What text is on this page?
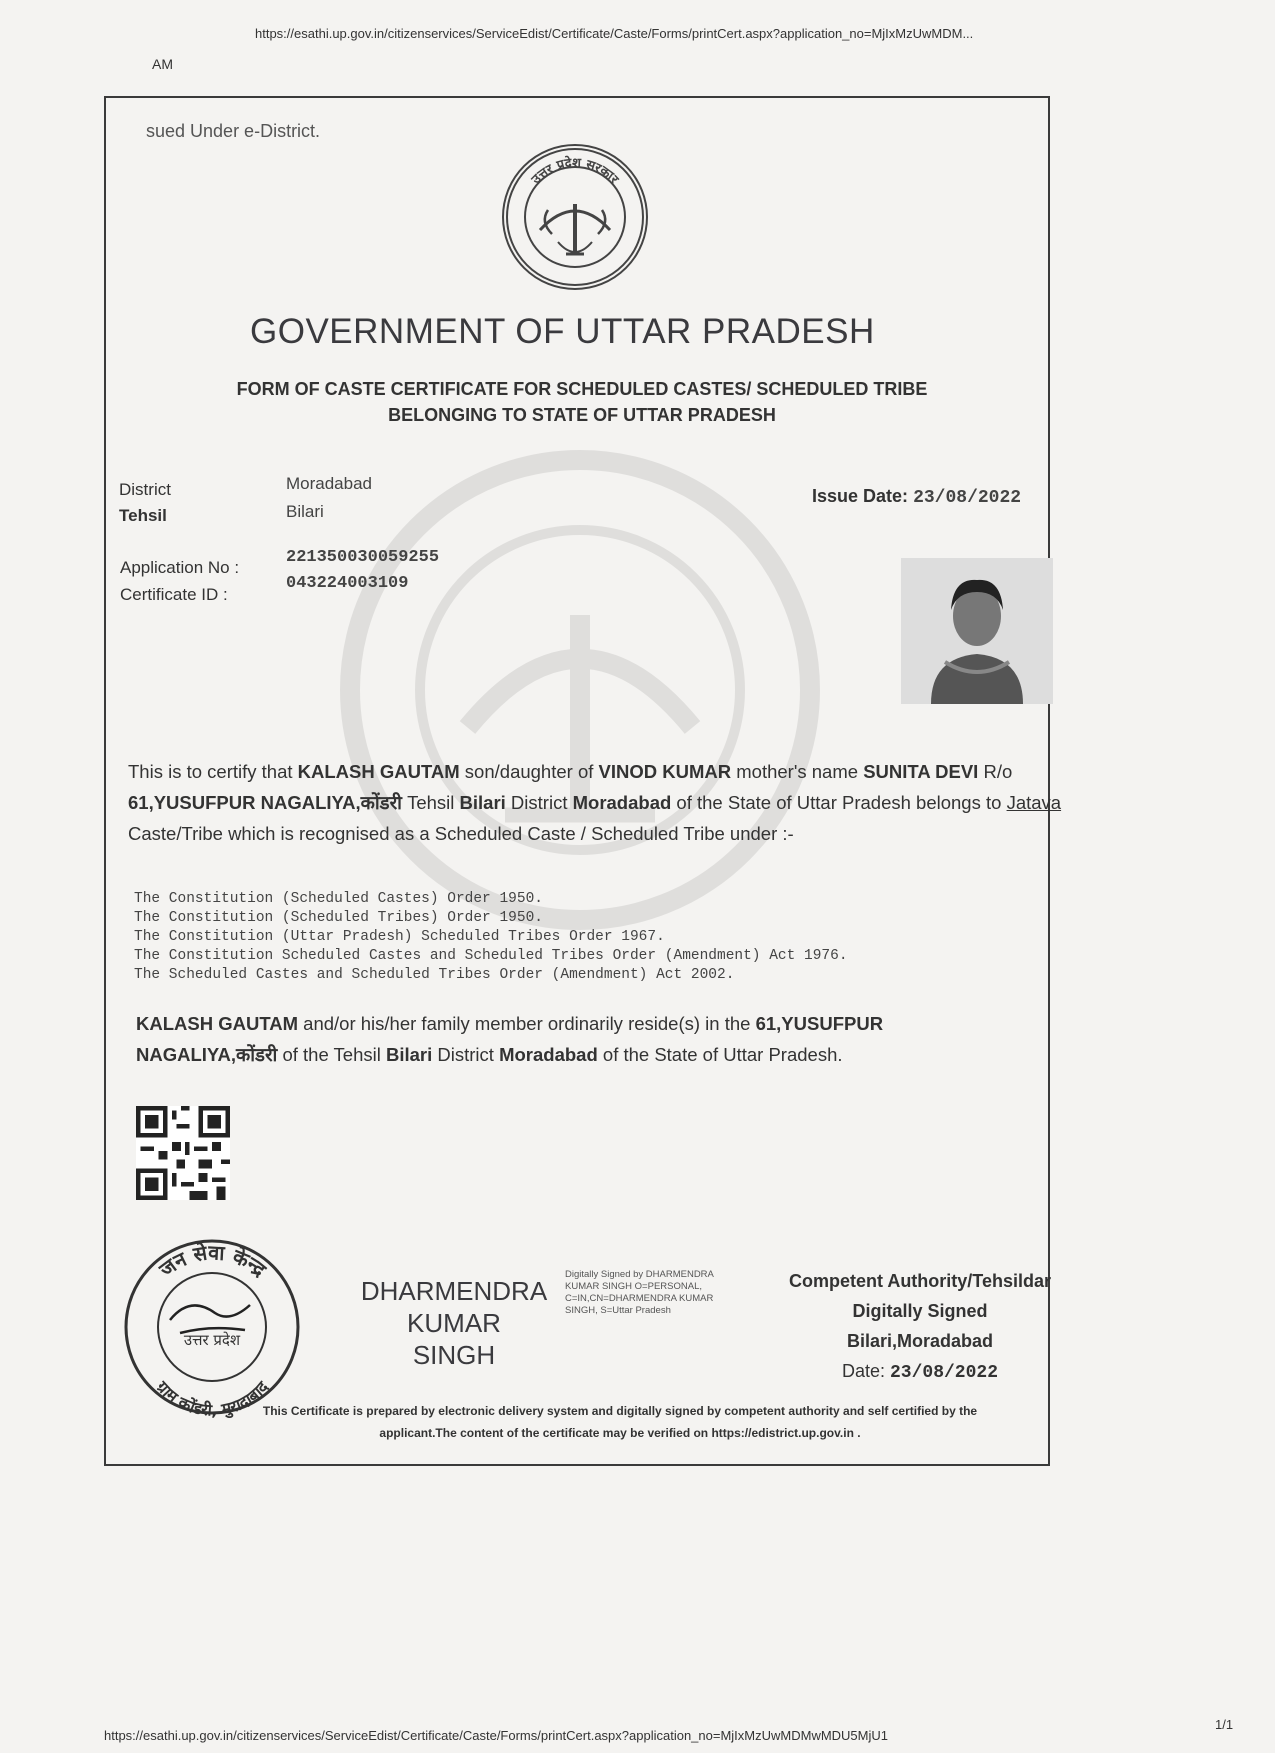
AM
https://esathi.up.gov.in/citizenservices/ServiceEdist/Certificate/Caste/Forms/printCert.aspx?application_no=MjIxMzUwMDM...
sued Under e-District.
उत्तर प्रदेश सरकार
GOVERNMENT OF UTTAR PRADESH
FORM OF CASTE CERTIFICATE FOR SCHEDULED CASTES/ SCHEDULED TRIBE
BELONGING TO STATE OF UTTAR PRADESH
District	Moradabad
Tehsil	Bilari
Issue Date: 23/08/2022
Application No :
221350030059255
Certificate ID :
043224003109
This is to certify that KALASH GAUTAM son/daughter of VINOD KUMAR mother's name SUNITA DEVI R/o 61,YUSUFPUR NAGALIYA,कोंडरी Tehsil Bilari District Moradabad of the State of Uttar Pradesh belongs to Jatava Caste/Tribe which is recognised as a Scheduled Caste / Scheduled Tribe under :-
The Constitution (Scheduled Castes) Order 1950.
The Constitution (Scheduled Tribes) Order 1950.
The Constitution (Uttar Pradesh) Scheduled Tribes Order 1967.
The Constitution Scheduled Castes and Scheduled Tribes Order (Amendment) Act 1976.
The Scheduled Castes and Scheduled Tribes Order (Amendment) Act 2002.
KALASH GAUTAM and/or his/her family member ordinarily reside(s) in the 61,YUSUFPUR NAGALIYA,कोंडरी of the Tehsil Bilari District Moradabad of the State of Uttar Pradesh.
जन सेवा केन्द्र
ग्राम कोंडरी, मुरादाबाद
उत्तर प्रदेश
DHARMENDRA
KUMAR
SINGH
Digitally Signed by DHARMENDRA
KUMAR SINGH O=PERSONAL,
C=IN,CN=DHARMENDRA KUMAR
SINGH, S=Uttar Pradesh
Competent Authority/Tehsildar
Digitally Signed
Bilari,Moradabad
Date: 23/08/2022
This Certificate is prepared by electronic delivery system and digitally signed by competent authority and self certified by the
applicant.The content of the certificate may be verified on https://edistrict.up.gov.in .
https://esathi.up.gov.in/citizenservices/ServiceEdist/Certificate/Caste/Forms/printCert.aspx?application_no=MjIxMzUwMDMwMDU5MjU1
1/1
